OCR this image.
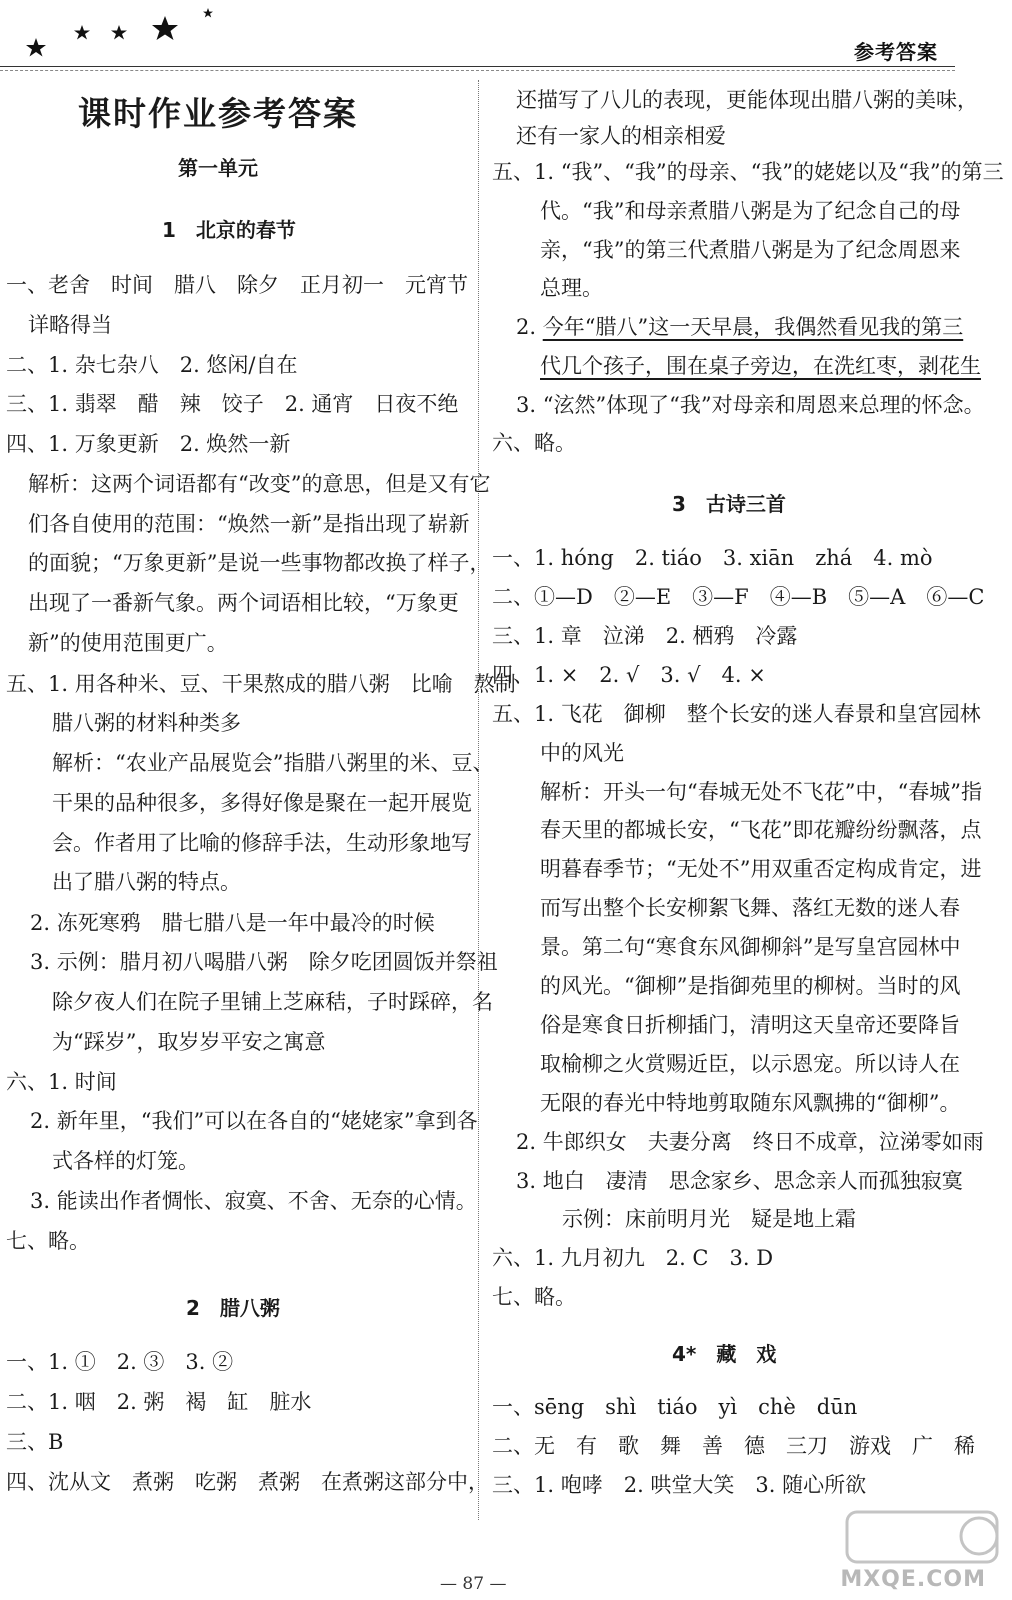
参考答案
课时作业参考答案
第一单元
1　北京的春节
一、老舍　时间　腊八　除夕　正月初一　元宵节
详略得当
二、1. 杂七杂八　2. 悠闲/自在
三、1. 翡翠　醋　辣　饺子　2. 通宵　日夜不绝
四、1. 万象更新　2. 焕然一新
解析：这两个词语都有“改变”的意思，但是又有它
们各自使用的范围：“焕然一新”是指出现了崭新
的面貌；“万象更新”是说一些事物都改换了样子，
出现了一番新气象。两个词语相比较，“万象更
新”的使用范围更广。
五、1. 用各种米、豆、干果熬成的腊八粥　比喻　熬制
腊八粥的材料种类多
解析：“农业产品展览会”指腊八粥里的米、豆、
干果的品种很多，多得好像是聚在一起开展览
会。作者用了比喻的修辞手法，生动形象地写
出了腊八粥的特点。
2. 冻死寒鸦　腊七腊八是一年中最冷的时候
3. 示例：腊月初八喝腊八粥　除夕吃团圆饭并祭祖
除夕夜人们在院子里铺上芝麻秸，子时踩碎，名
为“踩岁”，取岁岁平安之寓意
六、1. 时间
2. 新年里，“我们”可以在各自的“姥姥家”拿到各
式各样的灯笼。
3. 能读出作者惆怅、寂寞、不舍、无奈的心情。
七、略。
2　腊八粥
一、1. ①　2. ③　3. ②
二、1. 咽　2. 粥　褐　缸　脏水
三、B
四、沈从文　煮粥　吃粥　煮粥　在煮粥这部分中，
还描写了八儿的表现，更能体现出腊八粥的美味，
还有一家人的相亲相爱
五、1. “我”、“我”的母亲、“我”的姥姥以及“我”的第三
代。“我”和母亲煮腊八粥是为了纪念自己的母
亲，“我”的第三代煮腊八粥是为了纪念周恩来
总理。
2. 今年“腊八”这一天早晨，我偶然看见我的第三
代几个孩子，围在桌子旁边，在洗红枣，剥花生
3. “泫然”体现了“我”对母亲和周恩来总理的怀念。
六、略。
3　古诗三首
一、1. hóng　2. tiáo　3. xiān　zhá　4. mò
二、①—D　②—E　③—F　④—B　⑤—A　⑥—C
三、1. 章　泣涕　2. 栖鸦　冷露
四、1. ×　2. √　3. √　4. ×
五、1. 飞花　御柳　整个长安的迷人春景和皇宫园林
中的风光
解析：开头一句“春城无处不飞花”中，“春城”指
春天里的都城长安，“飞花”即花瓣纷纷飘落，点
明暮春季节；“无处不”用双重否定构成肯定，进
而写出整个长安柳絮飞舞、落红无数的迷人春
景。第二句“寒食东风御柳斜”是写皇宫园林中
的风光。“御柳”是指御苑里的柳树。当时的风
俗是寒食日折柳插门，清明这天皇帝还要降旨
取榆柳之火赏赐近臣，以示恩宠。所以诗人在
无限的春光中特地剪取随东风飘拂的“御柳”。
2. 牛郎织女　夫妻分离　终日不成章，泣涕零如雨
3. 地白　凄清　思念家乡、思念亲人而孤独寂寞
示例：床前明月光　疑是地上霜
六、1. 九月初九　2. C　3. D
七、略。
4*　藏　戏
一、sēng　shì　tiáo　yì　chè　dūn
二、无　有　歌　舞　善　德　三刀　游戏　广　稀
三、1. 咆哮　2. 哄堂大笑　3. 随心所欲
— 87 —	MXQE.COM
